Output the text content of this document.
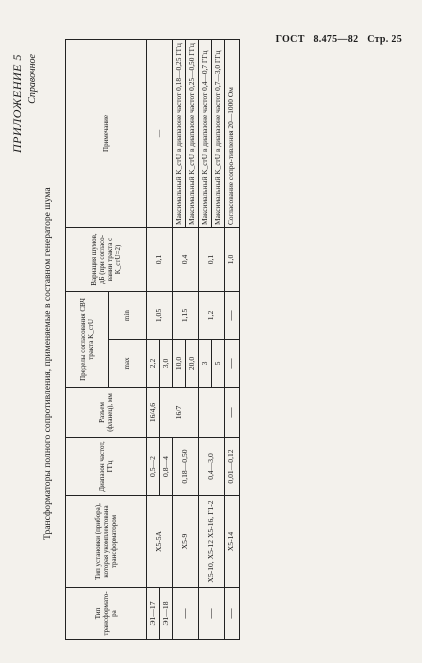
ГОСТ 8.475—82 Стр. 25
ПРИЛОЖЕНИЕ 5 Справочное
Трансформаторы полного сопротивления, применяемые в составном генераторе шума
Тип трансформато-ра	Тип установки (прибора), которая укомплектована трансформатором	Диапазон частот, ГГц	Разъем (фланец), мм	Пределы согласования СВЧ тракта K_стU		Вариация шумов, дБ (при согласо-вании тракта с K_стU=2)	Примечание
				max	min		
Э1—17	Х5-5А	0,5—2	16/4,6	2,2	1,05	0,1	—
Э1—18		0,8—4	16/7	3,0			
—	Х5-9	0,18—0,50		10,0	1,15	0,4	Максимальный K_стU в диапазоне частот 0,18—0,25 ГГц
				20,0			Максимальный K_стU в диапазоне частот 0,25—0,50 ГГц
—	Х5-10, Х5-12 Х5-16, Г1-2	0,4—3,0		3	1,2	0,1	Максимальный K_стU в диапазоне частот 0,4—0,7 ГГц
				5			Максимальный K_стU в диапазоне частот 0,7—3,0 ГГц
—	Х5-14	0,01—0,12	—	—	—	1,0	Согласование сопро-тивления 20—1000 Ом
